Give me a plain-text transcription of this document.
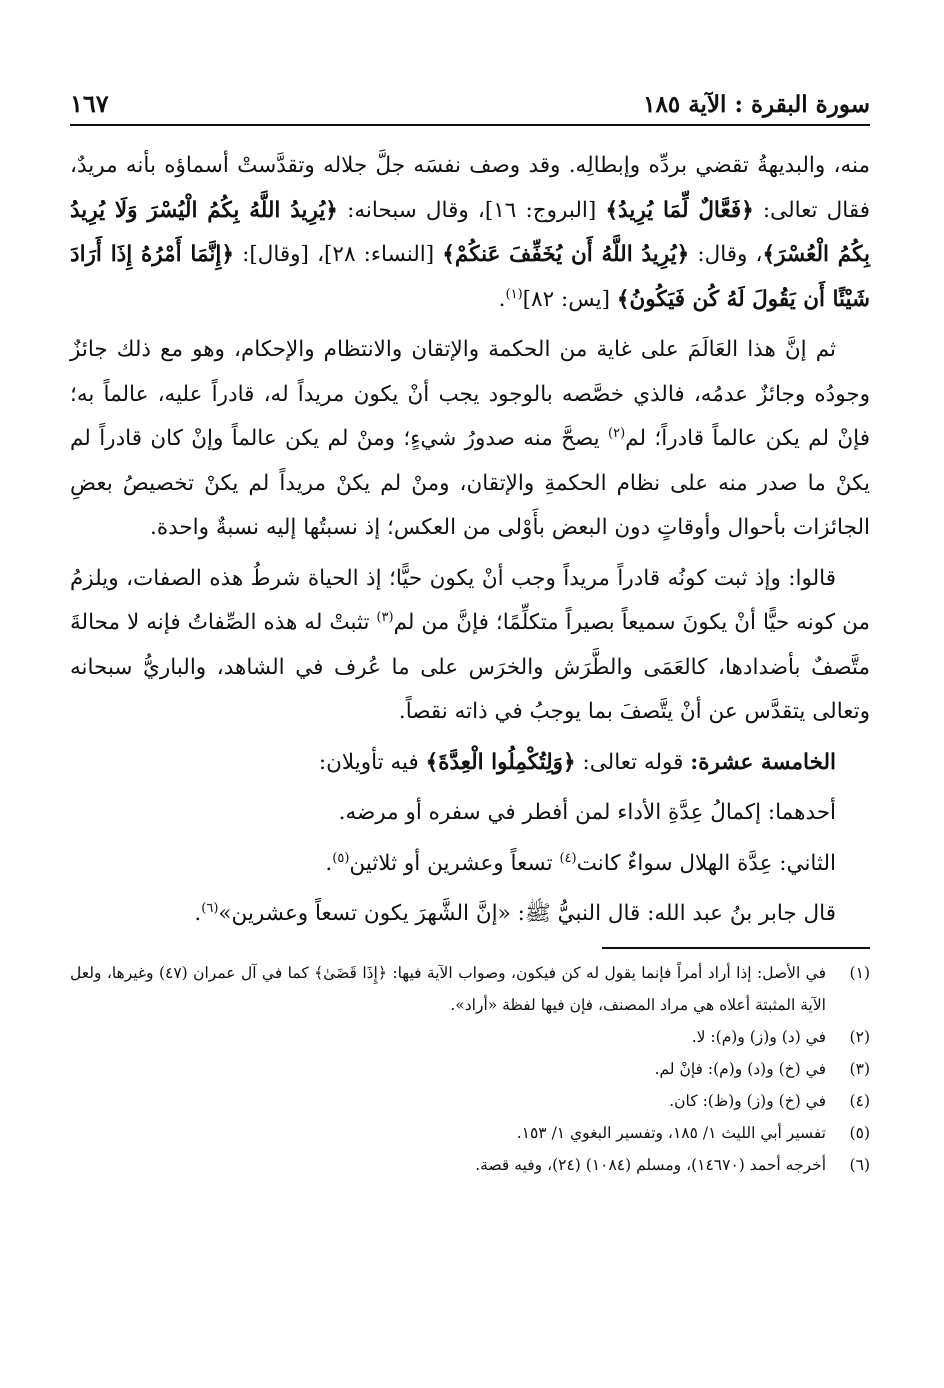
سورة البقرة : الآية ١٨٥
١٦٧

منه، والبديهةُ تقضي بردِّه وإبطالِه. وقد وصف نفسَه جلَّ جلاله وتقدَّستْ أسماؤه بأنه مريدٌ، فقال تعالى: ﴿فَعَّالٌ لِّمَا يُرِيدُ﴾ [البروج: ١٦]، وقال سبحانه: ﴿يُرِيدُ اللَّهُ بِكُمُ الْيُسْرَ وَلَا يُرِيدُ بِكُمُ الْعُسْرَ﴾، وقال: ﴿يُرِيدُ اللَّهُ أَن يُخَفِّفَ عَنكُمْ﴾ [النساء: ٢٨]، [وقال]: ﴿إِنَّمَا أَمْرُهُ إِذَا أَرَادَ شَيْئًا أَن يَقُولَ لَهُ كُن فَيَكُونُ﴾ [يس: ٨٢]$^{(١)}$.

ثم إنَّ هذا العَالَمَ على غاية من الحكمة والإتقان والانتظام والإحكام، وهو مع ذلك جائزٌ وجودُه وجائزٌ عدمُه، فالذي خصَّصه بالوجود يجب أنْ يكون مريداً له، قادراً عليه، عالماً به؛ فإنْ لم يكن عالماً قادراً؛ لم$^{(٢)}$ يصحَّ منه صدورُ شيءٍ؛ ومنْ لم يكن عالماً وإنْ كان قادراً لم يكنْ ما صدر منه على نظام الحكمةِ والإتقان، ومنْ لم يكنْ مريداً لم يكنْ تخصيصُ بعضِ الجائزات بأحوال وأوقاتٍ دون البعض بأَوْلى من العكس؛ إذ نسبتُها إليه نسبةٌ واحدة.

قالوا: وإذ ثبت كونُه قادراً مريداً وجب أنْ يكون حيًّا؛ إذ الحياة شرطُ هذه الصفات، ويلزمُ من كونه حيًّا أنْ يكونَ سميعاً بصيراً متكلِّمًا؛ فإنَّ من لم$^{(٣)}$ تثبتْ له هذه الصِّفاتُ فإنه لا محالةَ متَّصفٌ بأضدادها، كالعَمَى والطَّرَش والخرَس على ما عُرف في الشاهد، والباريُّ سبحانه وتعالى يتقدَّس عن أنْ يتَّصفَ بما يوجبُ في ذاته نقصاً.

الخامسة عشرة: قوله تعالى: ﴿وَلِتُكْمِلُوا الْعِدَّةَ﴾ فيه تأويلان:

أحدهما: إكمالُ عِدَّةِ الأداء لمن أفطر في سفره أو مرضه.

الثاني: عِدَّة الهلال سواءٌ كانت$^{(٤)}$ تسعاً وعشرين أو ثلاثين$^{(٥)}$.

قال جابر بنُ عبد الله: قال النبيُّ ﷺ: «إنَّ الشَّهرَ يكون تسعاً وعشرين»$^{(٦)}$.

(١)
في الأصل: إذا أراد أمراً فإنما يقول له كن فيكون، وصواب الآية فيها: ﴿إِذَا قَضَىٰ﴾ كما في آل عمران (٤٧) وغيرها، ولعل الآية المثبتة أعلاه هي مراد المصنف، فإن فيها لفظة «أراد».
(٢)
في (د) و(ز) و(م): لا.
(٣)
في (خ) و(د) و(م): فإنْ لم.
(٤)
في (خ) و(ز) و(ظ): كان.
(٥)
تفسير أبي الليث ١/ ١٨٥، وتفسير البغوي ١/ ١٥٣.
(٦)
أخرجه أحمد (١٤٦٧٠)، ومسلم (١٠٨٤) (٢٤)، وفيه قصة.
